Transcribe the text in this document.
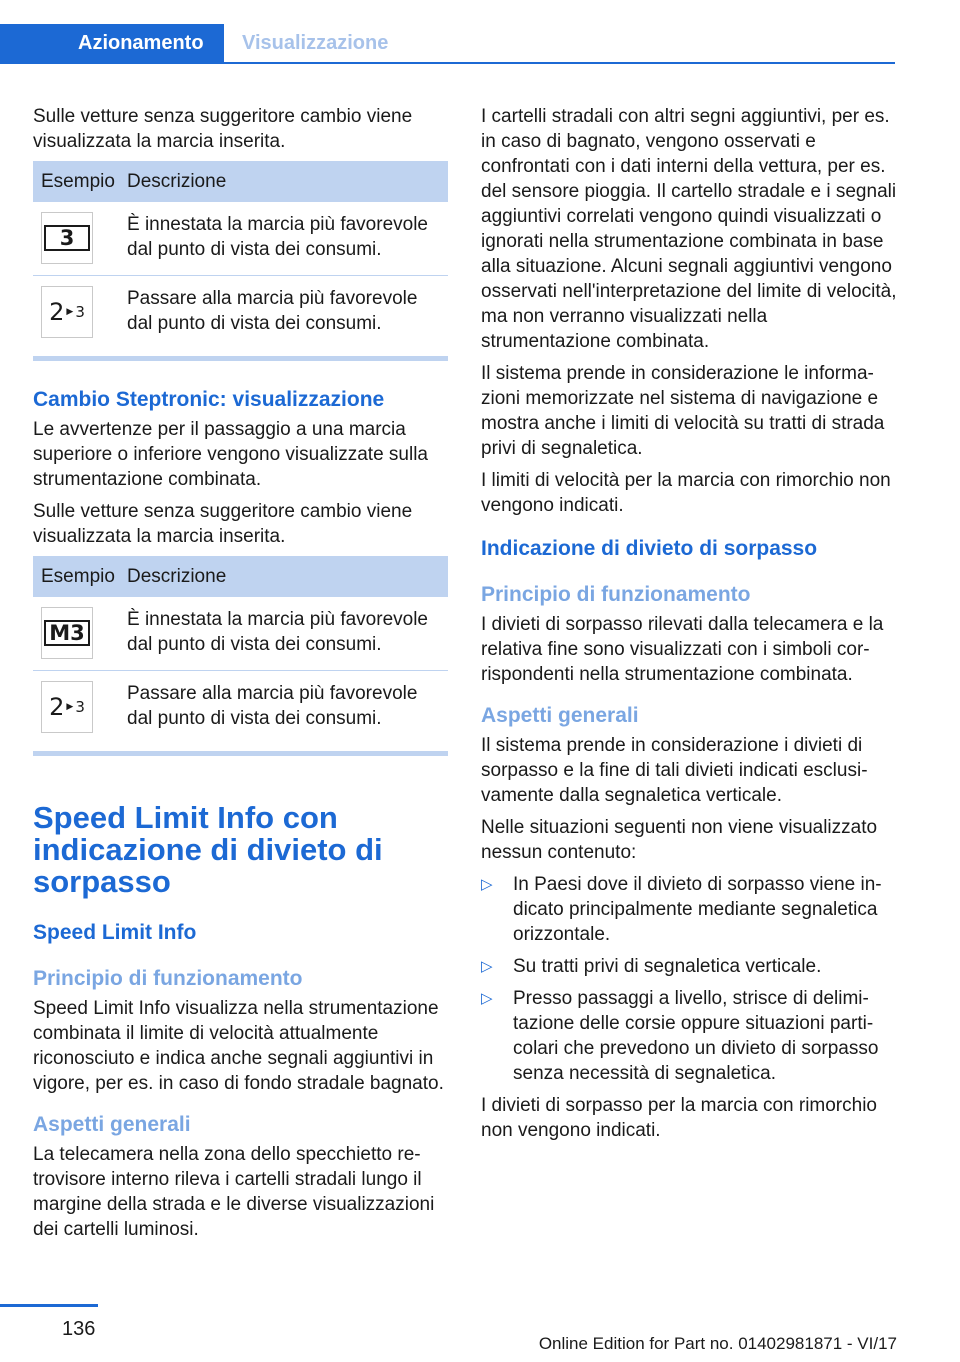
Azionamento	Visualizzazione

Sulle vetture senza suggeritore cambio viene visualizzata la marcia inserita.

Esempio	Descrizione

3	È innestata la marcia più favorevole dal punto di vista dei consumi.

2 ▶ 3	Passare alla marcia più favorevole dal punto di vista dei consumi.
Cambio Steptronic: visualizzazione

Le avvertenze per il passaggio a una marcia superiore o inferiore vengono visualizzate sulla strumentazione combinata.

Sulle vetture senza suggeritore cambio viene visualizzata la marcia inserita.

Esempio	Descrizione

M3	È innestata la marcia più favorevole dal punto di vista dei consumi.

2 ▶ 3	Passare alla marcia più favorevole dal punto di vista dei consumi.
Speed Limit Info con indicazione di divieto di sorpasso
Speed Limit Info
Principio di funzionamento

Speed Limit Info visualizza nella strumentazione combinata il limite di velocità attualmente riconosciuto e indica anche segnali aggiuntivi in vigore, per es. in caso di fondo stradale bagnato.

Aspetti generali

La telecamera nella zona dello specchietto retrovisore interno rileva i cartelli stradali lungo il margine della strada e le diverse visualizzazioni dei cartelli luminosi.

I cartelli stradali con altri segni aggiuntivi, per es. in caso di bagnato, vengono osservati e confrontati con i dati interni della vettura, per es. del sensore pioggia. Il cartello stradale e i segnali aggiuntivi correlati vengono quindi visualizzati o ignorati nella strumentazione combinata in base alla situazione. Alcuni segnali aggiuntivi vengono osservati nell'interpretazione del limite di velocità, ma non verranno visualizzati nella strumentazione combinata.

Il sistema prende in considerazione le informazioni memorizzate nel sistema di navigazione e mostra anche i limiti di velocità su tratti di strada privi di segnaletica.

I limiti di velocità per la marcia con rimorchio non vengono indicati.

Indicazione di divieto di sorpasso
Principio di funzionamento

I divieti di sorpasso rilevati dalla telecamera e la relativa fine sono visualizzati con i simboli corrispondenti nella strumentazione combinata.

Aspetti generali

Il sistema prende in considerazione i divieti di sorpasso e la fine di tali divieti indicati esclusivamente dalla segnaletica verticale.

Nelle situazioni seguenti non viene visualizzato nessun contenuto:

▷ In Paesi dove il divieto di sorpasso viene indicato principalmente mediante segnaletica orizzontale.
▷ Su tratti privi di segnaletica verticale.
▷ Presso passaggi a livello, strisce di delimitazione delle corsie oppure situazioni particolari che prevedono un divieto di sorpasso senza necessità di segnaletica.

I divieti di sorpasso per la marcia con rimorchio non vengono indicati.

136
Online Edition for Part no. 01402981871 - VI/17
